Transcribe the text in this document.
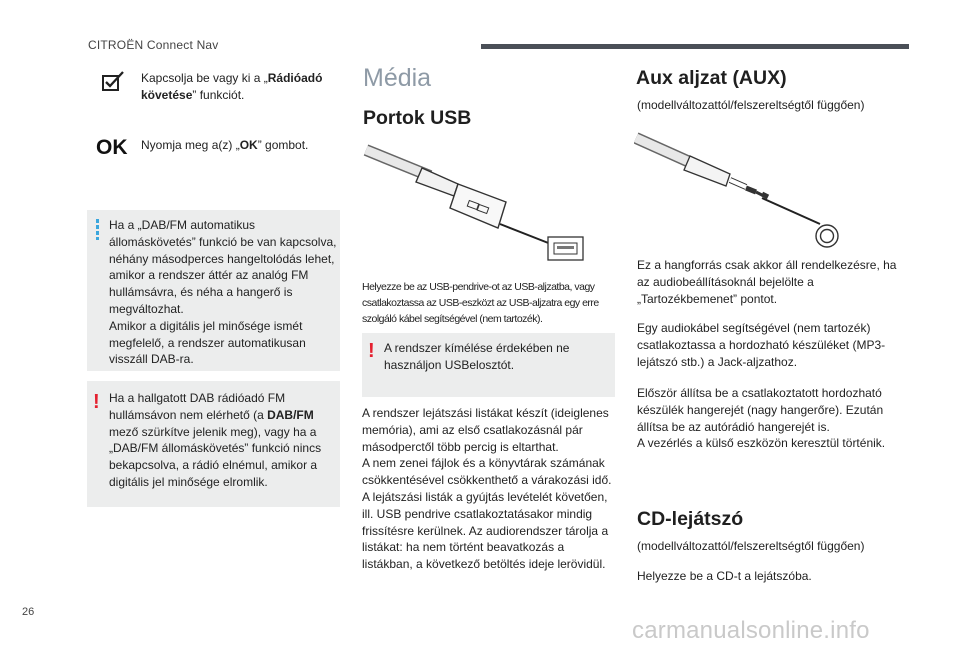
CITROËN Connect Nav
Kapcsolja be vagy ki a „Rádióadó követése” funkciót.
OK Nyomja meg a(z) „OK” gombot.
Ha a „DAB/FM automatikus állomáskövetés” funkció be van kapcsolva, néhány másodperces hangeltolódás lehet, amikor a rendszer áttér az analóg FM hullámsávra, és néha a hangerő is megváltozhat.
Amikor a digitális jel minősége ismét megfelelő, a rendszer automatikusan visszáll DAB-ra.
! Ha a hallgatott DAB rádióadó FM hullámsávon nem elérhető (a DAB/FM mező szürkítve jelenik meg), vagy ha a „DAB/FM állomáskövetés” funkció nincs bekapcsolva, a rádió elnémul, amikor a digitális jel minősége elromlik.
Média
Portok USB
Helyezze be az USB-pendrive-ot az USB-aljzatba, vagy csatlakoztassa az USB-eszközt az USB-aljzatra egy erre szolgáló kábel segítségével (nem tartozék).
! A rendszer kímélése érdekében ne használjon USBelosztót.
A rendszer lejátszási listákat készít (ideiglenes memória), ami az első csatlakozásnál pár másodperctől több percig is eltarthat.
A nem zenei fájlok és a könyvtárak számának csökkentésével csökkenthető a várakozási idő.
A lejátszási listák a gyújtás levételét követően, ill. USB pendrive csatlakoztatásakor mindig frissítésre kerülnek. Az audiorendszer tárolja a listákat: ha nem történt beavatkozás a listákban, a következő betöltés ideje lerövidül.
Aux aljzat (AUX)
(modellváltozattól/felszereltségtől függően)
Ez a hangforrás csak akkor áll rendelkezésre, ha az audiobeállításoknál bejelölte a „Tartozékbemenet” pontot.
Egy audiokábel segítségével (nem tartozék) csatlakoztassa a hordozható készüléket (MP3-lejátszó stb.) a Jack-aljzathoz.
Először állítsa be a csatlakoztatott hordozható készülék hangerejét (nagy hangerőre). Ezután állítsa be az autórádió hangerejét is.
A vezérlés a külső eszközön keresztül történik.
CD-lejátszó
(modellváltozattól/felszereltségtől függően)
Helyezze be a CD-t a lejátszóba.
26
carmanualsonline.info
